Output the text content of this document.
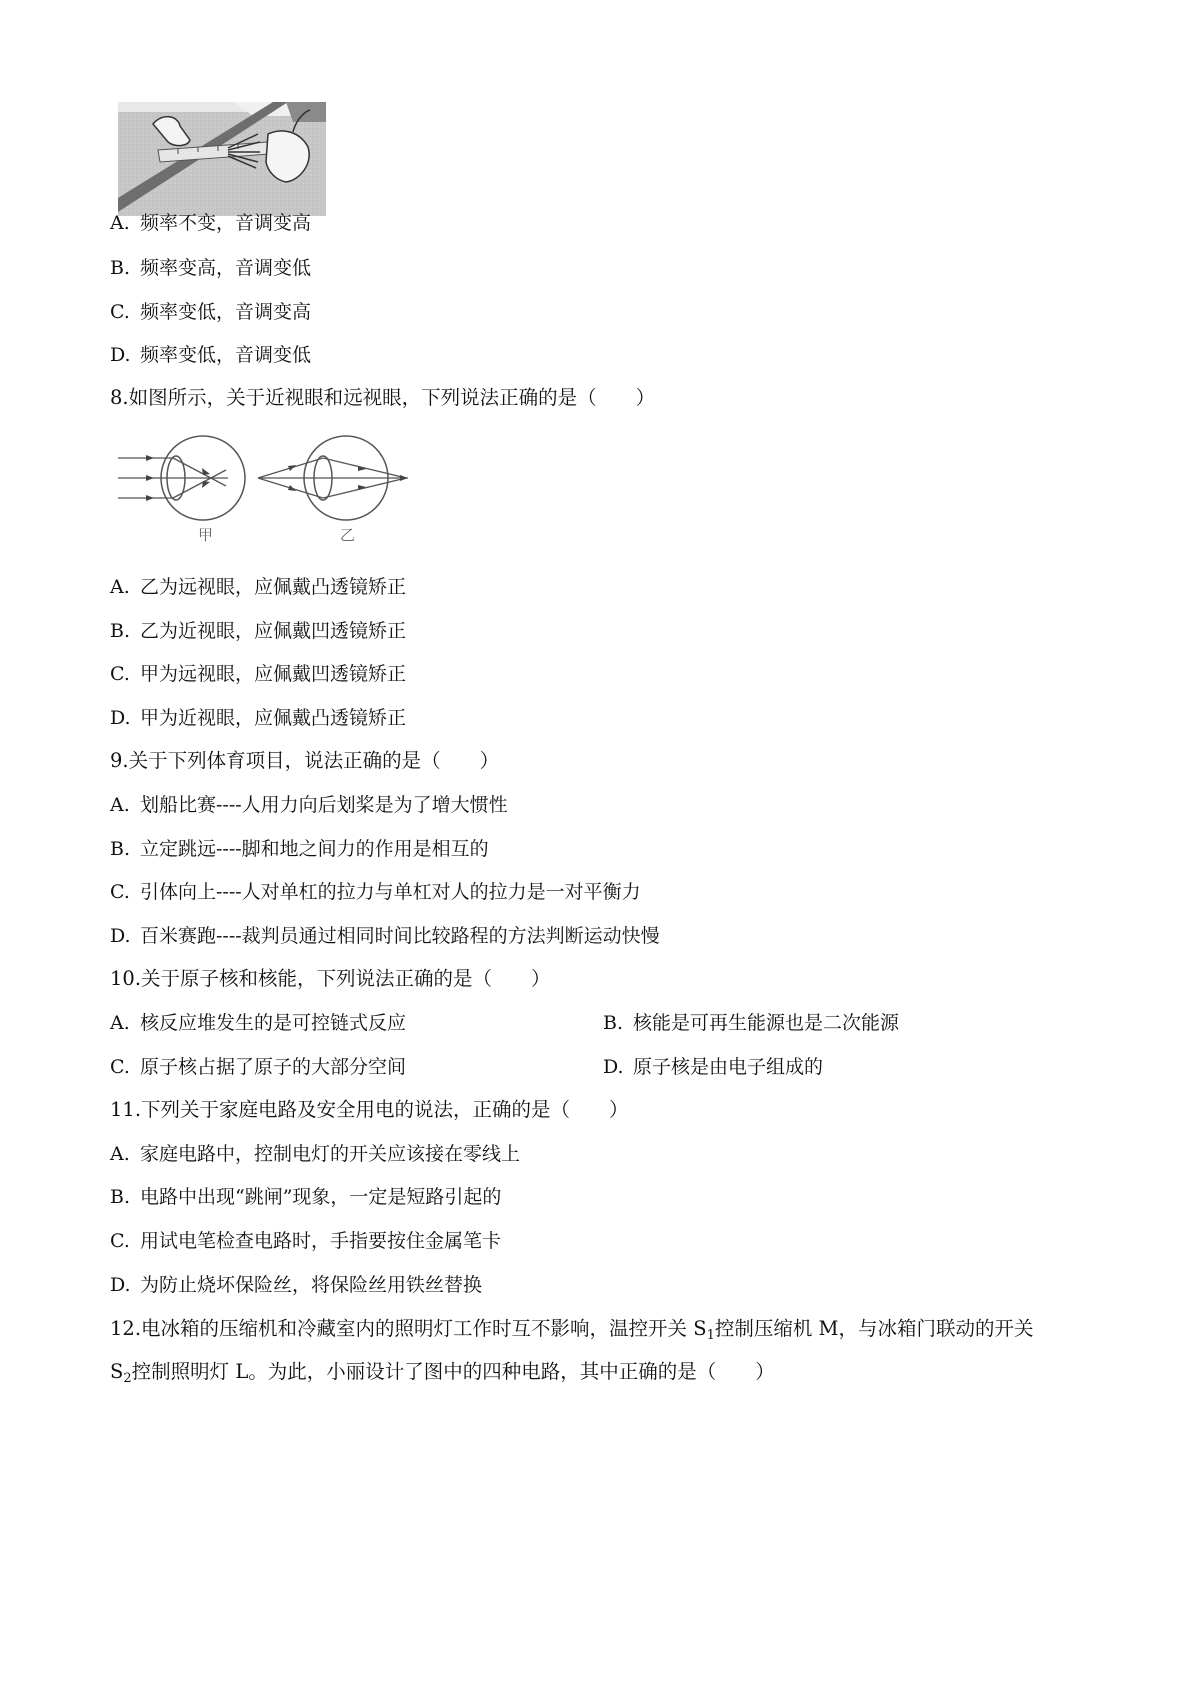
A. 频率不变，音调变高
B. 频率变高，音调变低
C. 频率变低，音调变高
D. 频率变低，音调变低
8.如图所示，关于近视眼和远视眼，下列说法正确的是（　　）
甲	乙
A. 乙为远视眼，应佩戴凸透镜矫正
B. 乙为近视眼，应佩戴凹透镜矫正
C. 甲为远视眼，应佩戴凹透镜矫正
D. 甲为近视眼，应佩戴凸透镜矫正
9.关于下列体育项目，说法正确的是（　　）
A. 划船比赛----人用力向后划桨是为了增大惯性
B. 立定跳远----脚和地之间力的作用是相互的
C. 引体向上----人对单杠的拉力与单杠对人的拉力是一对平衡力
D. 百米赛跑----裁判员通过相同时间比较路程的方法判断运动快慢
10.关于原子核和核能，下列说法正确的是（　　）
A. 核反应堆发生的是可控链式反应	B. 核能是可再生能源也是二次能源
C. 原子核占据了原子的大部分空间	D. 原子核是由电子组成的
11.下列关于家庭电路及安全用电的说法，正确的是（　　）
A. 家庭电路中，控制电灯的开关应该接在零线上
B. 电路中出现“跳闸”现象，一定是短路引起的
C. 用试电笔检查电路时，手指要按住金属笔卡
D. 为防止烧坏保险丝，将保险丝用铁丝替换
12.电冰箱的压缩机和冷藏室内的照明灯工作时互不影响，温控开关 $S_1$控制压缩机 M，与冰箱门联动的开关
$S_2$控制照明灯 L。为此，小丽设计了图中的四种电路，其中正确的是（　　）
